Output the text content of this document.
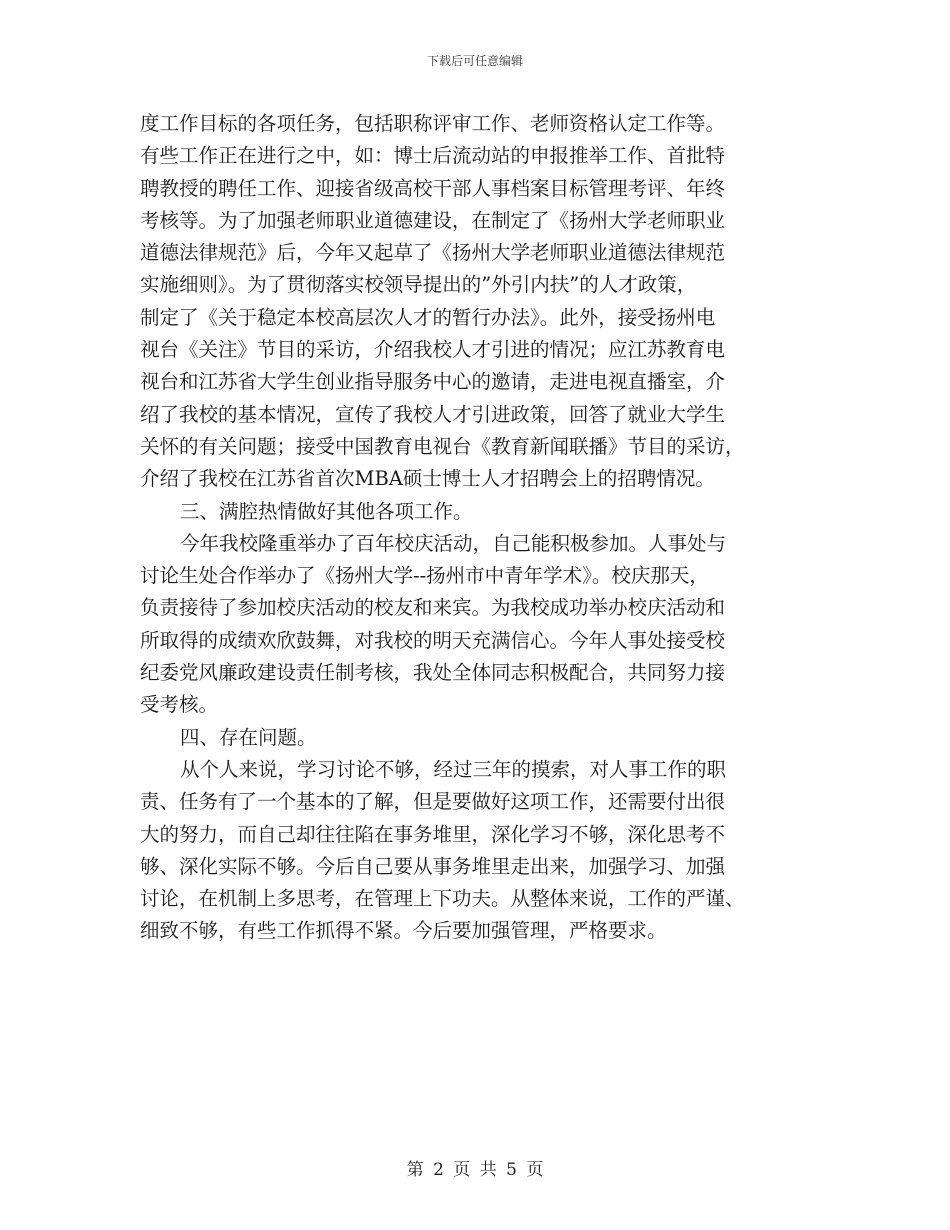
下载后可任意编辑
度工作目标的各项任务，包括职称评审工作、老师资格认定工作等。
有些工作正在进行之中，如：博士后流动站的申报推举工作、首批特
聘教授的聘任工作、迎接省级高校干部人事档案目标管理考评、年终
考核等。为了加强老师职业道德建设，在制定了《扬州大学老师职业
道德法律规范》后，今年又起草了《扬州大学老师职业道德法律规范
实施细则》。为了贯彻落实校领导提出的”外引内扶”的人才政策，
制定了《关于稳定本校高层次人才的暂行办法》。此外，接受扬州电
视台《关注》节目的采访，介绍我校人才引进的情况；应江苏教育电
视台和江苏省大学生创业指导服务中心的邀请，走进电视直播室，介
绍了我校的基本情况，宣传了我校人才引进政策，回答了就业大学生
关怀的有关问题；接受中国教育电视台《教育新闻联播》节目的采访，
介绍了我校在江苏省首次MBA硕士博士人才招聘会上的招聘情况。
三、满腔热情做好其他各项工作。
今年我校隆重举办了百年校庆活动，自己能积极参加。人事处与
讨论生处合作举办了《扬州大学--扬州市中青年学术》。校庆那天，
负责接待了参加校庆活动的校友和来宾。为我校成功举办校庆活动和
所取得的成绩欢欣鼓舞，对我校的明天充满信心。今年人事处接受校
纪委党风廉政建设责任制考核，我处全体同志积极配合，共同努力接
受考核。
四、存在问题。
从个人来说，学习讨论不够，经过三年的摸索，对人事工作的职
责、任务有了一个基本的了解，但是要做好这项工作，还需要付出很
大的努力，而自己却往往陷在事务堆里，深化学习不够，深化思考不
够、深化实际不够。今后自己要从事务堆里走出来，加强学习、加强
讨论，在机制上多思考，在管理上下功夫。从整体来说，工作的严谨、
细致不够，有些工作抓得不紧。今后要加强管理，严格要求。
第 2 页 共 5 页
